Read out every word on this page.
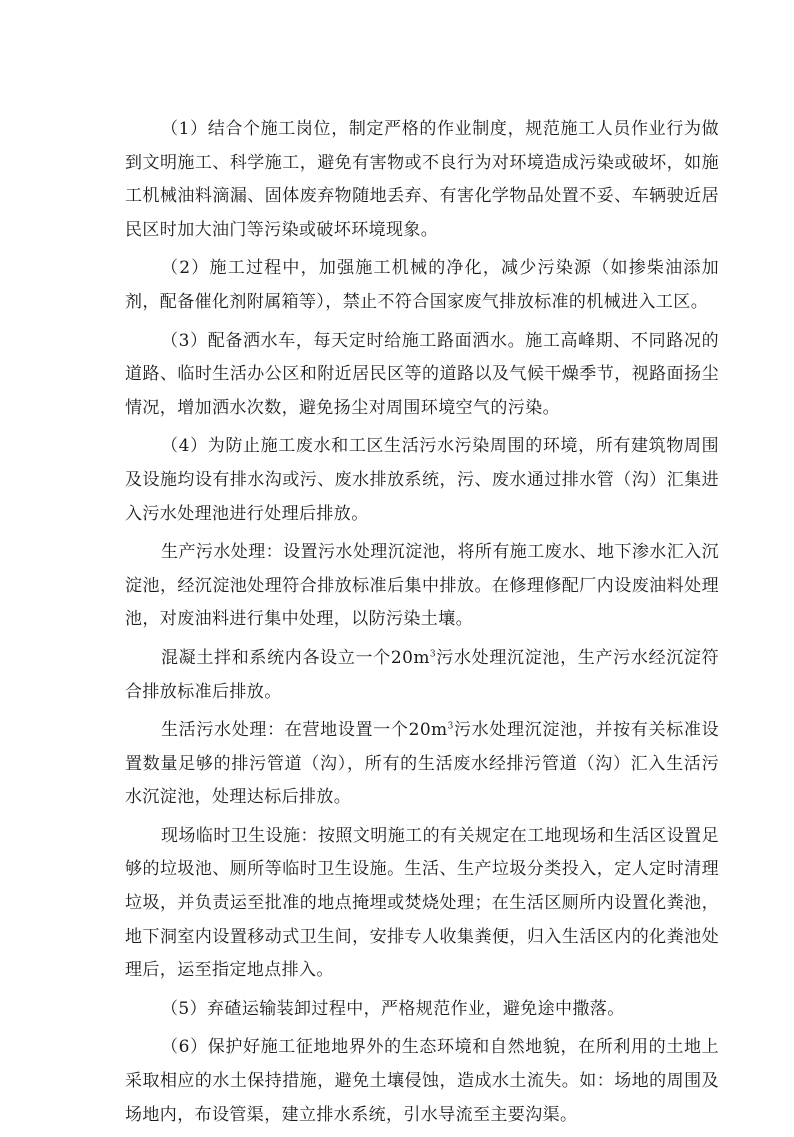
（1）结合个施工岗位，制定严格的作业制度，规范施工人员作业行为做到文明施工、科学施工，避免有害物或不良行为对环境造成污染或破坏，如施工机械油料滴漏、固体废弃物随地丢弃、有害化学物品处置不妥、车辆驶近居民区时加大油门等污染或破坏环境现象。

（2）施工过程中，加强施工机械的净化，减少污染源（如掺柴油添加剂，配备催化剂附属箱等），禁止不符合国家废气排放标准的机械进入工区。

（3）配备洒水车，每天定时给施工路面洒水。施工高峰期、不同路况的道路、临时生活办公区和附近居民区等的道路以及气候干燥季节，视路面扬尘情况，增加洒水次数，避免扬尘对周围环境空气的污染。

（4）为防止施工废水和工区生活污水污染周围的环境，所有建筑物周围及设施均设有排水沟或污、废水排放系统，污、废水通过排水管（沟）汇集进入污水处理池进行处理后排放。

生产污水处理：设置污水处理沉淀池，将所有施工废水、地下渗水汇入沉淀池，经沉淀池处理符合排放标准后集中排放。在修理修配厂内设废油料处理池，对废油料进行集中处理，以防污染土壤。

混凝土拌和系统内各设立一个$20m^3$污水处理沉淀池，生产污水经沉淀符合排放标准后排放。

生活污水处理：在营地设置一个$20m^3$污水处理沉淀池，并按有关标准设置数量足够的排污管道（沟），所有的生活废水经排污管道（沟）汇入生活污水沉淀池，处理达标后排放。

现场临时卫生设施：按照文明施工的有关规定在工地现场和生活区设置足够的垃圾池、厕所等临时卫生设施。生活、生产垃圾分类投入，定人定时清理垃圾，并负责运至批准的地点掩埋或焚烧处理；在生活区厕所内设置化粪池，地下洞室内设置移动式卫生间，安排专人收集粪便，归入生活区内的化粪池处理后，运至指定地点排入。

（5）弃碴运输装卸过程中，严格规范作业，避免途中撒落。

（6）保护好施工征地地界外的生态环境和自然地貌，在所利用的土地上采取相应的水土保持措施，避免土壤侵蚀，造成水土流失。如：场地的周围及场地内，布设管渠，建立排水系统，引水导流至主要沟渠。
